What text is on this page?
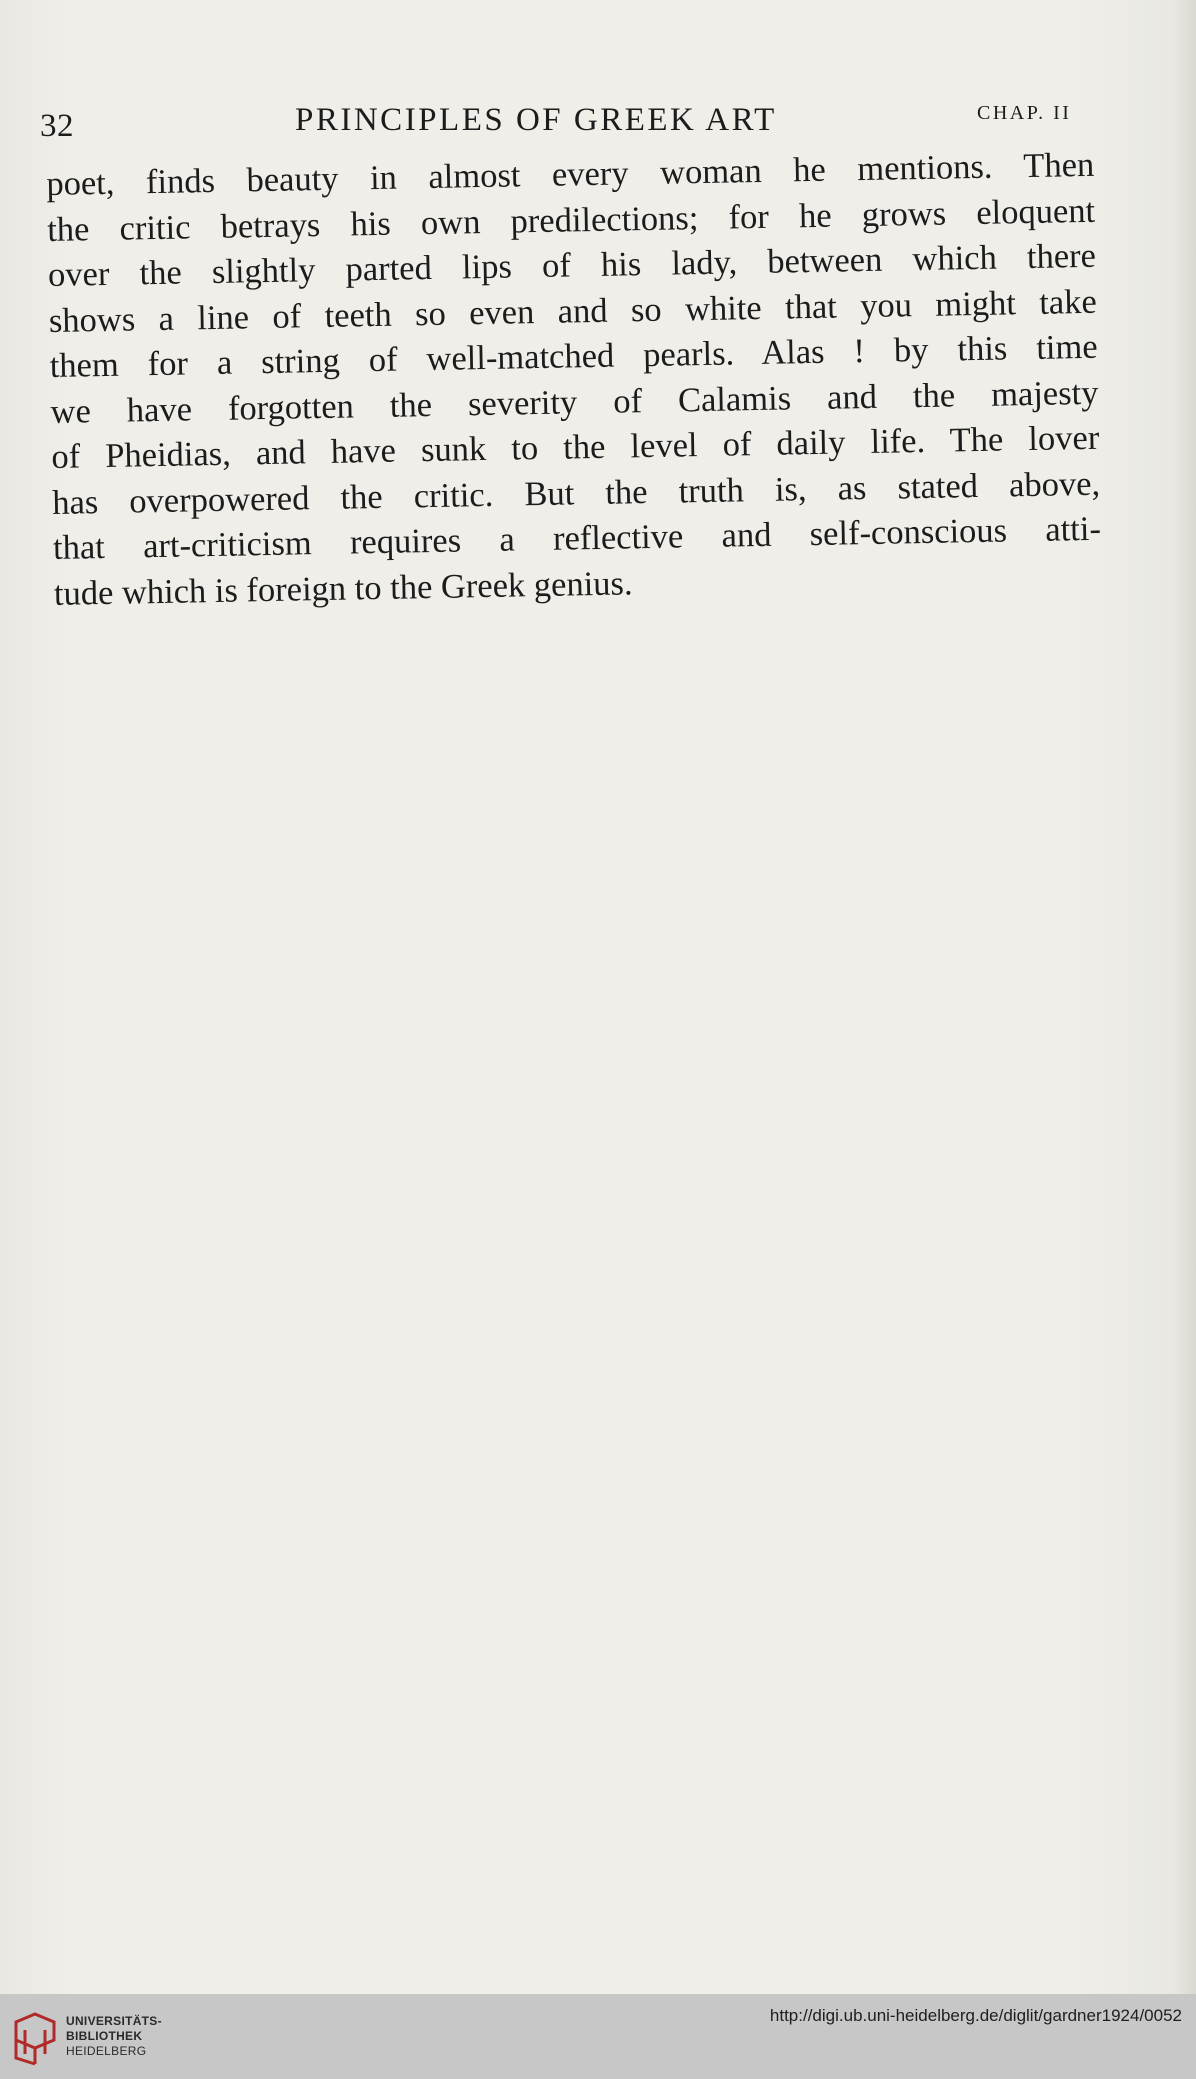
32	PRINCIPLES OF GREEK ART	CHAP. II
poet, finds beauty in almost every woman he mentions. Then
the critic betrays his own predilections; for he grows eloquent
over the slightly parted lips of his lady, between which there
shows a line of teeth so even and so white that you might take
them for a string of well-matched pearls. Alas ! by this time
we have forgotten the severity of Calamis and the majesty
of Pheidias, and have sunk to the level of daily life. The lover
has overpowered the critic. But the truth is, as stated above,
that art-criticism requires a reflective and self-conscious atti-
tude which is foreign to the Greek genius.
UNIVERSITÄTS-
BIBLIOTHEK
HEIDELBERG
http://digi.ub.uni-heidelberg.de/diglit/gardner1924/0052
